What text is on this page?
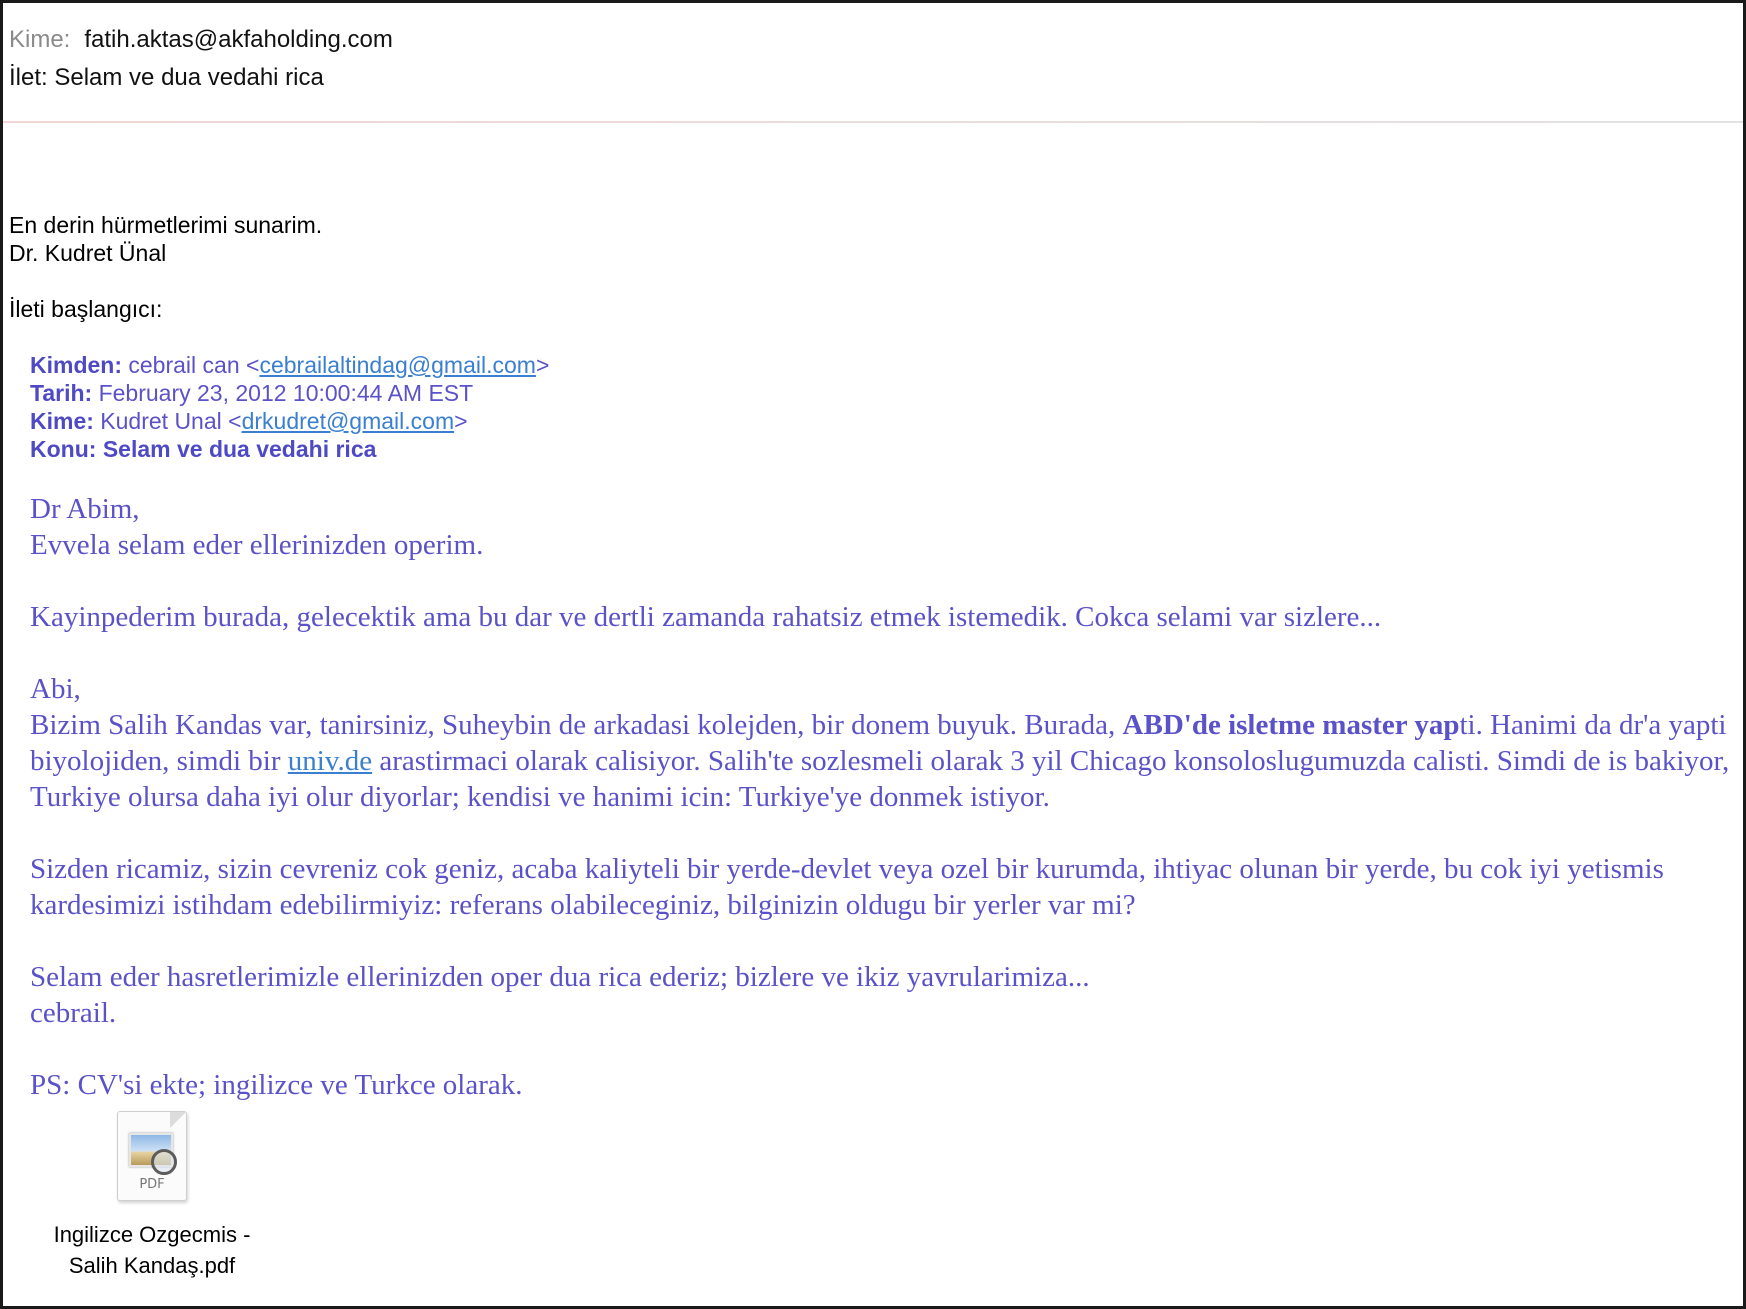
Kime: fatih.aktas@akfaholding.com
İlet: Selam ve dua vedahi rica
En derin hürmetlerimi sunarim.
Dr. Kudret Ünal
İleti başlangıcı:
Kimden: cebrail can <cebrailaltindag@gmail.com>
Tarih: February 23, 2012 10:00:44 AM EST
Kime: Kudret Unal <drkudret@gmail.com>
Konu: Selam ve dua vedahi rica

Dr Abim,
Evvela selam eder ellerinizden operim.

Kayinpederim burada, gelecektik ama bu dar ve dertli zamanda rahatsiz etmek istemedik. Cokca selami var sizlere...

Abi,
Bizim Salih Kandas var, tanirsiniz, Suheybin de arkadasi kolejden, bir donem buyuk. Burada, ABD'de isletme master yapti. Hanimi da dr'a yapti biyolojiden, simdi bir univ.de arastirmaci olarak calisiyor. Salih'te sozlesmeli olarak 3 yil Chicago konsoloslugumuzda calisti. Simdi de is bakiyor, Turkiye olursa daha iyi olur diyorlar; kendisi ve hanimi icin: Turkiye'ye donmek istiyor.

Sizden ricamiz, sizin cevreniz cok geniz, acaba kaliyteli bir yerde-devlet veya ozel bir kurumda, ihtiyac olunan bir yerde, bu cok iyi yetismis kardesimizi istihdam edebilirmiyiz: referans olabileceginiz, bilginizin oldugu bir yerler var mi?

Selam eder hasretlerimizle ellerinizden oper dua rica ederiz; bizlere ve ikiz yavrularimiza...
cebrail.

PS: CV'si ekte; ingilizce ve Turkce olarak.

PDF
Ingilizce Ozgecmis -
Salih Kandaş.pdf
